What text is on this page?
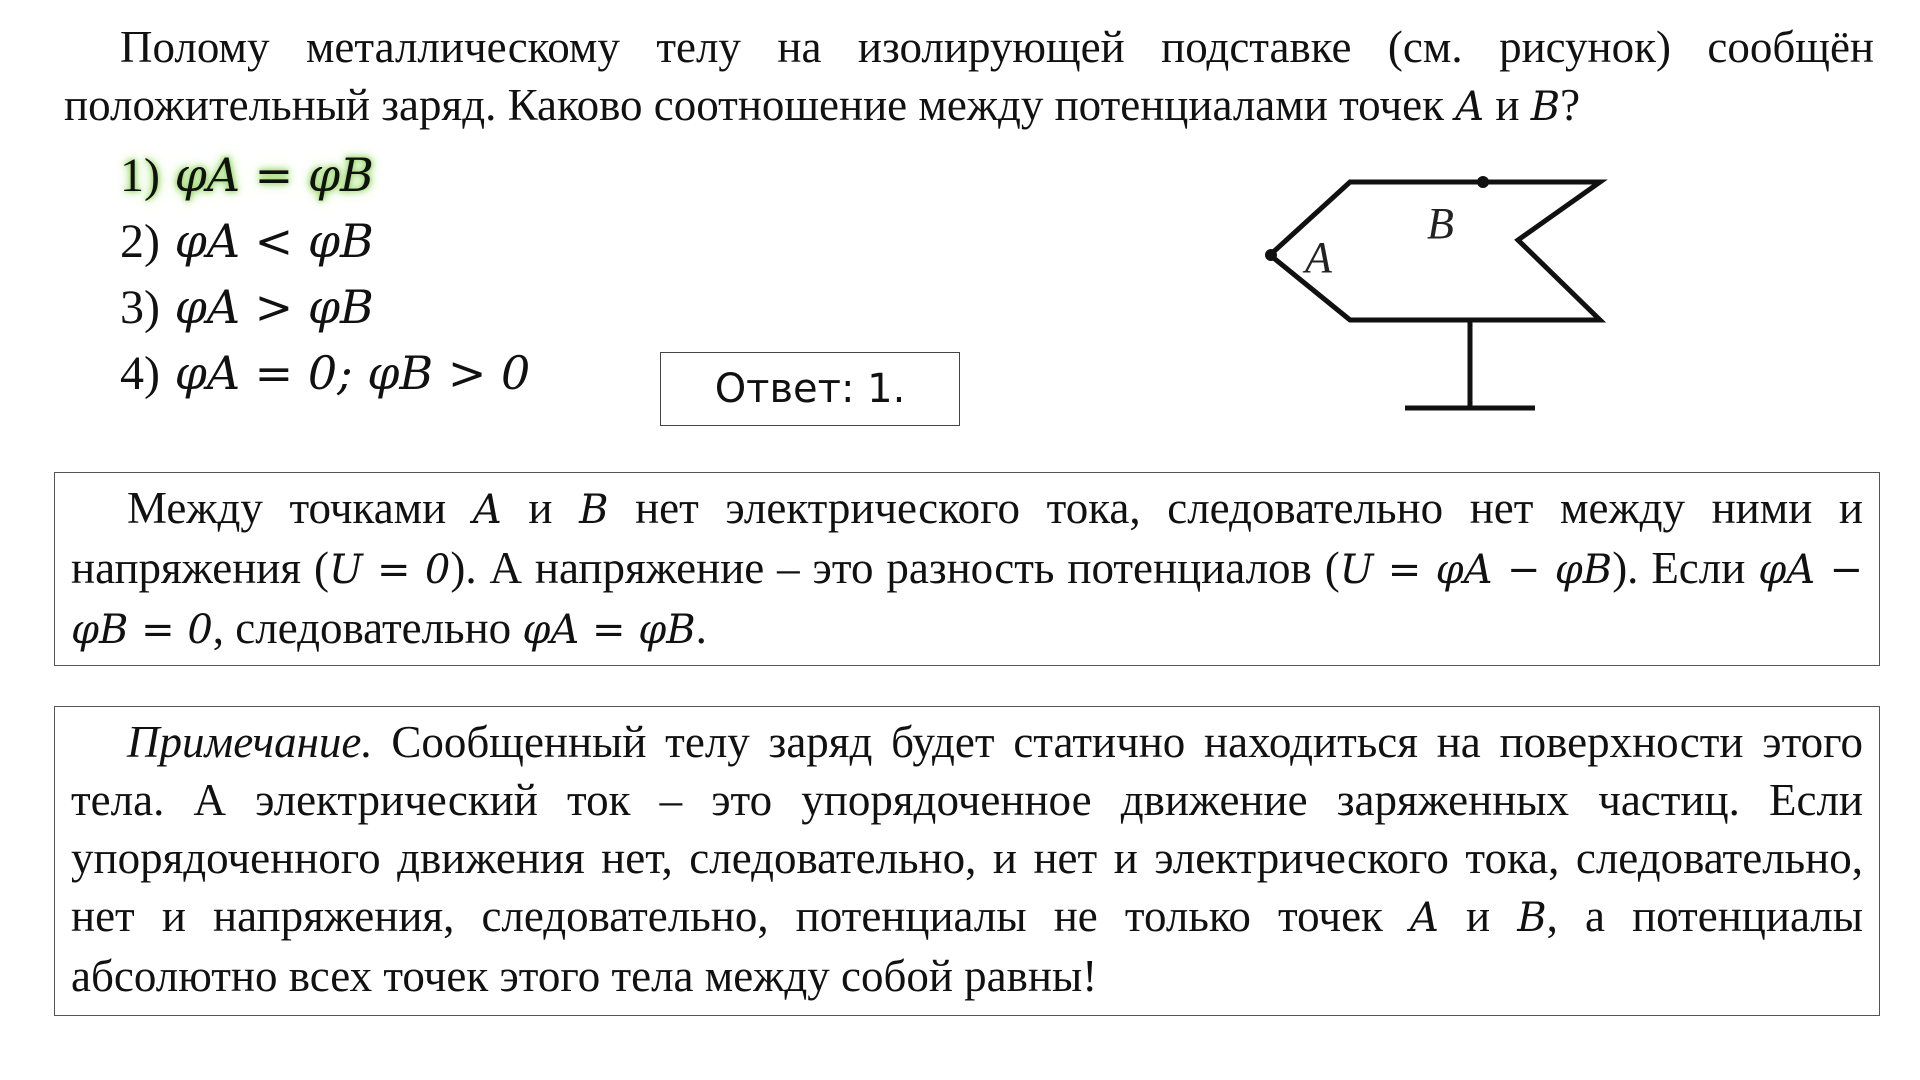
Полому металлическому телу на изолирующей подставке (см. рисунок) сообщён положительный заряд. Каково соотношение между потенциалами точек A и B?

1) φA = φB
2) φA < φB
3) φA > φB
4) φA = 0; φB > 0	Ответ: 1.
A
B

Между точками A и B нет электрического тока, следовательно нет между ними и напряжения (U = 0). А напряжение – это разность потенциалов (U = φA − φB). Если φA − φB = 0, следовательно φA = φB.

Примечание. Сообщенный телу заряд будет статично находиться на поверхности этого тела. А электрический ток – это упорядоченное движение заряженных частиц. Если упорядоченного движения нет, следовательно, и нет и электрического тока, следовательно, нет и напряжения, следовательно, потенциалы не только точек A и B, а потенциалы абсолютно всех точек этого тела между собой равны!
